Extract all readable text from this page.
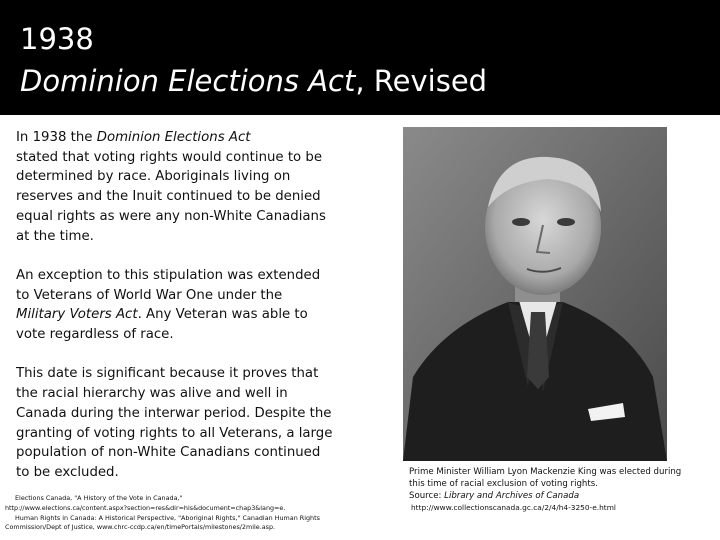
1938
Dominion Elections Act, Revised

In 1938 the Dominion Elections Act
stated that voting rights would continue to be determined by race. Aboriginals living on reserves and the Inuit continued to be denied equal rights as were any non-White Canadians at the time.

An exception to this stipulation was extended to Veterans of World War One under the Military Voters Act. Any Veteran was able to vote regardless of race.

This date is significant because it proves that the racial hierarchy was alive and well in Canada during the interwar period. Despite the granting of voting rights to all Veterans, a large population of non-White Canadians continued to be excluded.	Prime Minister William Lyon Mackenzie King was elected during this time of racial exclusion of voting rights.
Source: Library and Archives of Canada
http://www.collectionscanada.gc.ca/2/4/h4-3250-e.html
Elections Canada, "A History of the Vote in Canada,"
http://www.elections.ca/content.aspx?section=res&dir=his&document=chap3&lang=e.
Human Rights in Canada: A Historical Perspective, "Aboriginal Rights," Canadian Human Rights
Commission/Dept of Justice, www.chrc-ccdp.ca/en/timePortals/milestones/2mile.asp.
